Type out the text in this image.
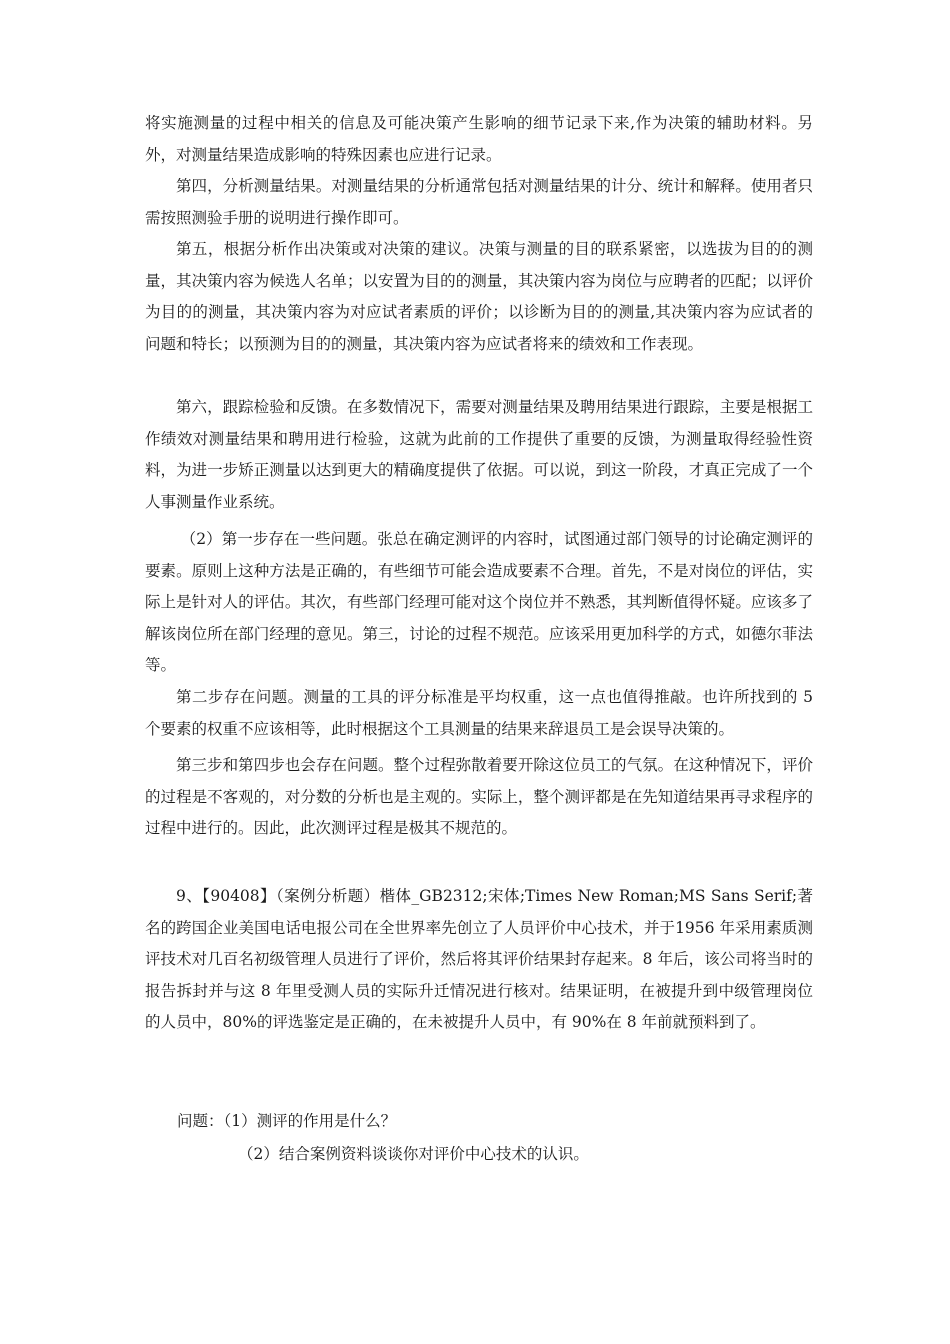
将实施测量的过程中相关的信息及可能决策产生影响的细节记录下来,作为决策的辅助材料。另外，对测量结果造成影响的特殊因素也应进行记录。

第四，分析测量结果。对测量结果的分析通常包括对测量结果的计分、统计和解释。使用者只需按照测验手册的说明进行操作即可。

第五，根据分析作出决策或对决策的建议。决策与测量的目的联系紧密，以选拔为目的的测量，其决策内容为候选人名单；以安置为目的的测量，其决策内容为岗位与应聘者的匹配；以评价为目的的测量，其决策内容为对应试者素质的评价；以诊断为目的的测量,其决策内容为应试者的问题和特长；以预测为目的的测量，其决策内容为应试者将来的绩效和工作表现。

第六，跟踪检验和反馈。在多数情况下，需要对测量结果及聘用结果进行跟踪，主要是根据工作绩效对测量结果和聘用进行检验，这就为此前的工作提供了重要的反馈，为测量取得经验性资料，为进一步矫正测量以达到更大的精确度提供了依据。可以说，到这一阶段，才真正完成了一个人事测量作业系统。

（2）第一步存在一些问题。张总在确定测评的内容时，试图通过部门领导的讨论确定测评的要素。原则上这种方法是正确的，有些细节可能会造成要素不合理。首先，不是对岗位的评估，实际上是针对人的评估。其次，有些部门经理可能对这个岗位并不熟悉，其判断值得怀疑。应该多了解该岗位所在部门经理的意见。第三，讨论的过程不规范。应该采用更加科学的方式，如德尔菲法等。

第二步存在问题。测量的工具的评分标准是平均权重，这一点也值得推敲。也许所找到的 5 个要素的权重不应该相等，此时根据这个工具测量的结果来辞退员工是会误导决策的。

第三步和第四步也会存在问题。整个过程弥散着要开除这位员工的气氛。在这种情况下，评价的过程是不客观的，对分数的分析也是主观的。实际上，整个测评都是在先知道结果再寻求程序的过程中进行的。因此，此次测评过程是极其不规范的。

9、【90408】（案例分析题）楷体_GB2312;宋体;Times New Roman;MS Sans Serif;著名的跨国企业美国电话电报公司在全世界率先创立了人员评价中心技术，并于1956 年采用素质测评技术对几百名初级管理人员进行了评价，然后将其评价结果封存起来。8 年后，该公司将当时的报告拆封并与这 8 年里受测人员的实际升迁情况进行核对。结果证明，在被提升到中级管理岗位的人员中，80%的评选鉴定是正确的，在未被提升人员中，有 90%在 8 年前就预料到了。

问题：（1）测评的作用是什么？

（2）结合案例资料谈谈你对评价中心技术的认识。
